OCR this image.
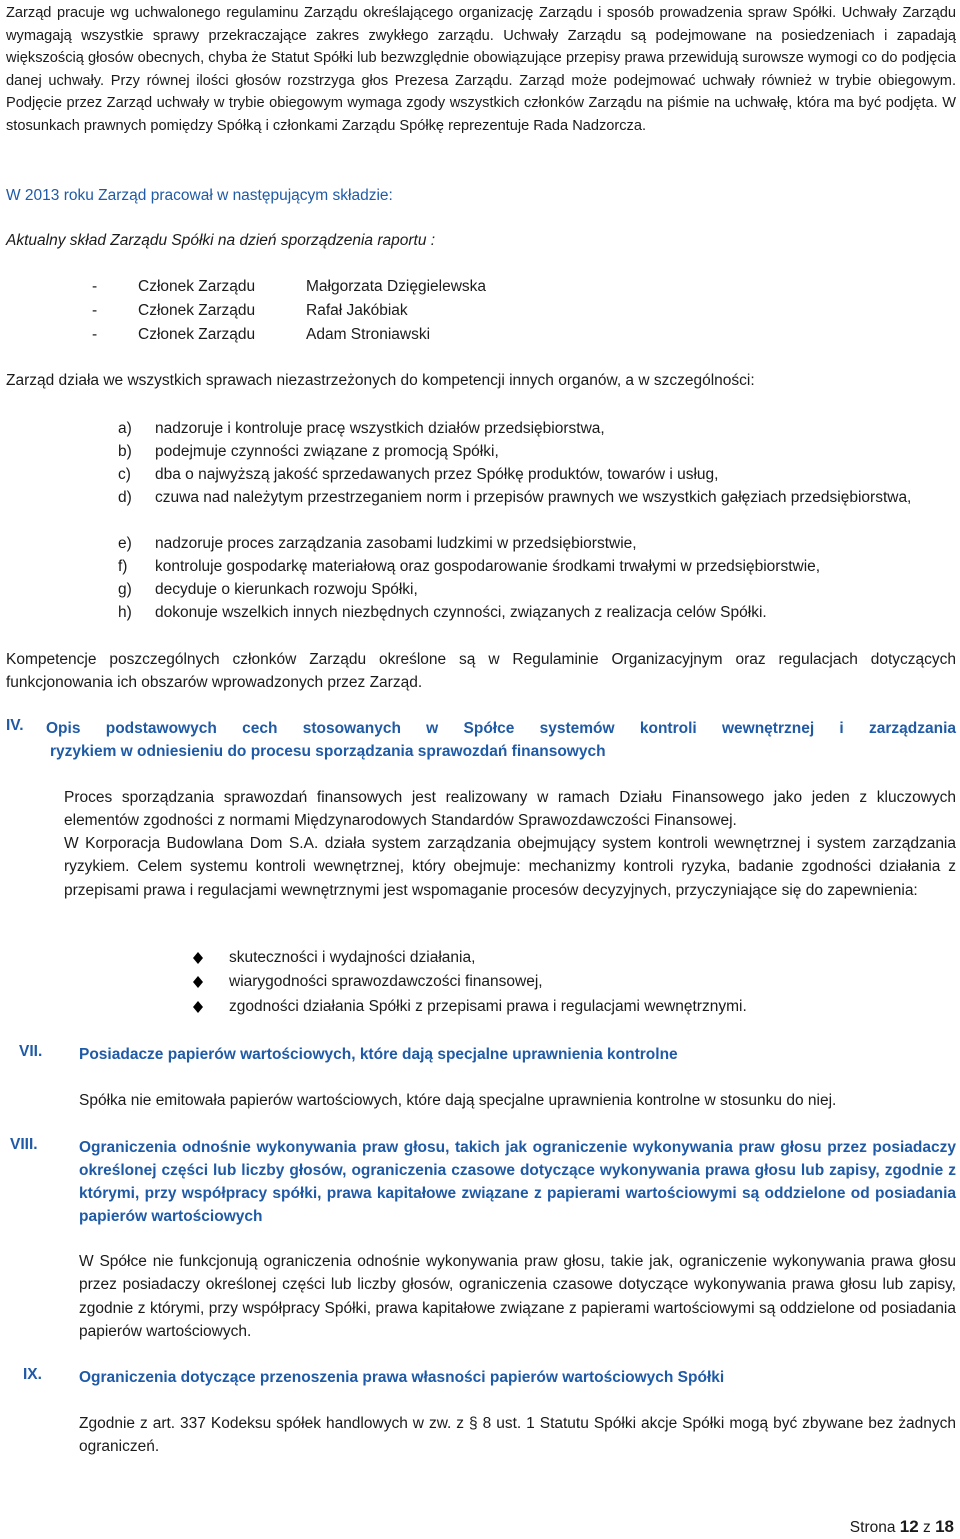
Zarząd pracuje wg uchwalonego regulaminu Zarządu określającego organizację Zarządu i sposób prowadzenia spraw Spółki. Uchwały Zarządu wymagają wszystkie sprawy przekraczające zakres zwykłego zarządu. Uchwały Zarządu są podejmowane na posiedzeniach i zapadają większością głosów obecnych, chyba że Statut Spółki lub bezwzględnie obowiązujące przepisy prawa przewidują surowsze wymogi co do podjęcia danej uchwały. Przy równej ilości głosów rozstrzyga głos Prezesa Zarządu. Zarząd może podejmować uchwały również w trybie obiegowym. Podjęcie przez Zarząd uchwały w trybie obiegowym wymaga zgody wszystkich członków Zarządu na piśmie na uchwałę, która ma być podjęta. W stosunkach prawnych pomiędzy Spółką i członkami Zarządu Spółkę reprezentuje Rada Nadzorcza.

W 2013 roku Zarząd pracował w następującym składzie:

Aktualny skład Zarządu Spółki na dzień sporządzenia raportu :

-	Członek Zarządu	Małgorzata Dzięgielewska
-	Członek Zarządu	Rafał Jakóbiak
-	Członek Zarządu	Adam Stroniawski

Zarząd działa we wszystkich sprawach niezastrzeżonych do kompetencji innych organów, a w szczególności:

a) nadzoruje i kontroluje pracę wszystkich działów przedsiębiorstwa,
b) podejmuje czynności związane z promocją Spółki,
c) dba o najwyższą jakość sprzedawanych przez Spółkę produktów, towarów i usług,
d) czuwa nad należytym przestrzeganiem norm i przepisów prawnych we wszystkich gałęziach przedsiębiorstwa,
e) nadzoruje proces zarządzania zasobami ludzkimi w przedsiębiorstwie,
f) kontroluje gospodarkę materiałową oraz gospodarowanie środkami trwałymi w przedsiębiorstwie,
g) decyduje o kierunkach rozwoju Spółki,
h) dokonuje wszelkich innych niezbędnych czynności, związanych z realizacja celów Spółki.

Kompetencje poszczególnych członków Zarządu określone są w Regulaminie Organizacyjnym oraz regulacjach dotyczących funkcjonowania ich obszarów wprowadzonych przez Zarząd.

IV. Opis podstawowych cech stosowanych w Spółce systemów kontroli wewnętrznej i zarządzania

ryzykiem w odniesieniu do procesu sporządzania sprawozdań finansowych

Proces sporządzania sprawozdań finansowych jest realizowany w ramach Działu Finansowego jako jeden z kluczowych elementów zgodności z normami Międzynarodowych Standardów Sprawozdawczości Finansowej.

W Korporacja Budowlana Dom S.A. działa system zarządzania obejmujący system kontroli wewnętrznej i system zarządzania ryzykiem. Celem systemu kontroli wewnętrznej, który obejmuje: mechanizmy kontroli ryzyka, badanie zgodności działania z przepisami prawa i regulacjami wewnętrznymi jest wspomaganie procesów decyzyjnych, przyczyniające się do zapewnienia:

skuteczności i wydajności działania,
wiarygodności sprawozdawczości finansowej,
zgodności działania Spółki z przepisami prawa i regulacjami wewnętrznymi.
VII. Posiadacze papierów wartościowych, które dają specjalne uprawnienia kontrolne

Spółka nie emitowała papierów wartościowych, które dają specjalne uprawnienia kontrolne w stosunku do niej.

VIII.	Ograniczenia odnośnie wykonywania praw głosu, takich jak ograniczenie wykonywania praw głosu przez posiadaczy określonej części lub liczby głosów, ograniczenia czasowe dotyczące wykonywania prawa głosu lub zapisy, zgodnie z którymi, przy współpracy spółki, prawa kapitałowe związane z papierami wartościowymi są oddzielone od posiadania papierów wartościowych

W Spółce nie funkcjonują ograniczenia odnośnie wykonywania praw głosu, takie jak, ograniczenie wykonywania prawa głosu przez posiadaczy określonej części lub liczby głosów, ograniczenia czasowe dotyczące wykonywania prawa głosu lub zapisy, zgodnie z którymi, przy współpracy Spółki, prawa kapitałowe związane z papierami wartościowymi są oddzielone od posiadania papierów wartościowych.

IX. Ograniczenia dotyczące przenoszenia prawa własności papierów wartościowych Spółki

Zgodnie z art. 337 Kodeksu spółek handlowych w zw. z § 8 ust. 1 Statutu Spółki akcje Spółki mogą być zbywane bez żadnych ograniczeń.

Strona 12 z 18
